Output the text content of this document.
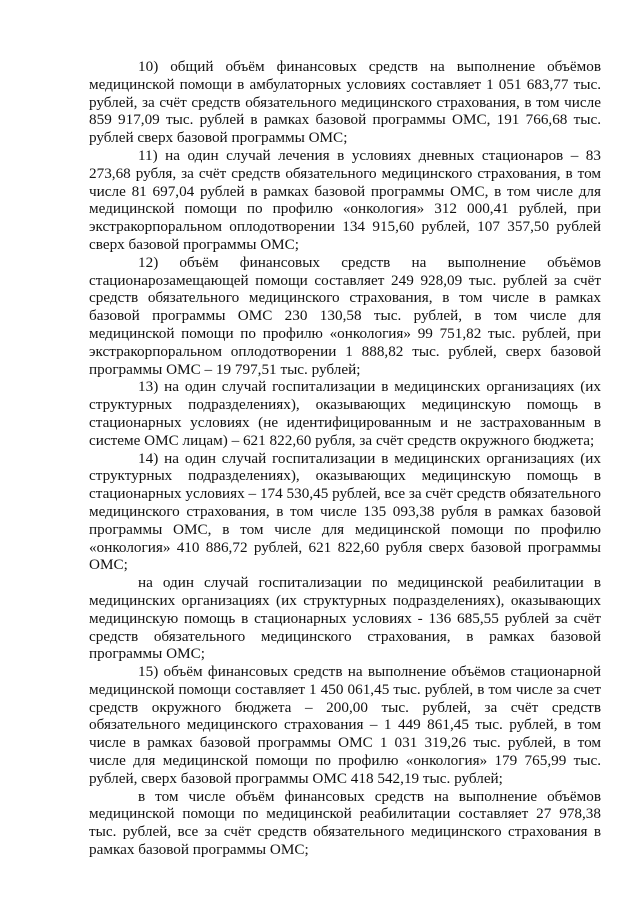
10) общий объём финансовых средств на выполнение объёмов медицинской помощи в амбулаторных условиях составляет 1 051 683,77 тыс. рублей, за счёт средств обязательного медицинского страхования, в том числе 859 917,09 тыс. рублей в рамках базовой программы ОМС, 191 766,68 тыс. рублей сверх базовой программы ОМС;

11) на один случай лечения в условиях дневных стационаров – 83 273,68 рубля, за счёт средств обязательного медицинского страхования, в том числе 81 697,04 рублей в рамках базовой программы ОМС, в том числе для медицинской помощи по профилю «онкология» 312 000,41 рублей, при экстракорпоральном оплодотворении 134 915,60 рублей, 107 357,50 рублей сверх базовой программы ОМС;

12) объём финансовых средств на выполнение объёмов стационарозамещающей помощи составляет 249 928,09 тыс. рублей за счёт средств обязательного медицинского страхования, в том числе в рамках базовой программы ОМС 230 130,58 тыс. рублей, в том числе для медицинской помощи по профилю «онкология» 99 751,82 тыс. рублей, при экстракорпоральном оплодотворении 1 888,82 тыс. рублей, сверх базовой программы ОМС – 19 797,51 тыс. рублей;

13) на один случай госпитализации в медицинских организациях (их структурных подразделениях), оказывающих медицинскую помощь в стационарных условиях (не идентифицированным и не застрахованным в системе ОМС лицам) – 621 822,60 рубля, за счёт средств окружного бюджета;

14) на один случай госпитализации в медицинских организациях (их структурных подразделениях), оказывающих медицинскую помощь в стационарных условиях – 174 530,45 рублей, все за счёт средств обязательного медицинского страхования, в том числе 135 093,38 рубля в рамках базовой программы ОМС, в том числе для медицинской помощи по профилю «онкология» 410 886,72 рублей, 621 822,60 рубля сверх базовой программы ОМС;

на один случай госпитализации по медицинской реабилитации в медицинских организациях (их структурных подразделениях), оказывающих медицинскую помощь в стационарных условиях - 136 685,55 рублей за счёт средств обязательного медицинского страхования, в рамках базовой программы ОМС;

15) объём финансовых средств на выполнение объёмов стационарной медицинской помощи составляет 1 450 061,45 тыс. рублей, в том числе за счет средств окружного бюджета – 200,00 тыс. рублей, за счёт средств обязательного медицинского страхования – 1 449 861,45 тыс. рублей, в том числе в рамках базовой программы ОМС 1 031 319,26 тыс. рублей, в том числе для медицинской помощи по профилю «онкология» 179 765,99 тыс. рублей, сверх базовой программы ОМС 418 542,19 тыс. рублей;

в том числе объём финансовых средств на выполнение объёмов медицинской помощи по медицинской реабилитации составляет 27 978,38 тыс. рублей, все за счёт средств обязательного медицинского страхования в рамках базовой программы ОМС;
